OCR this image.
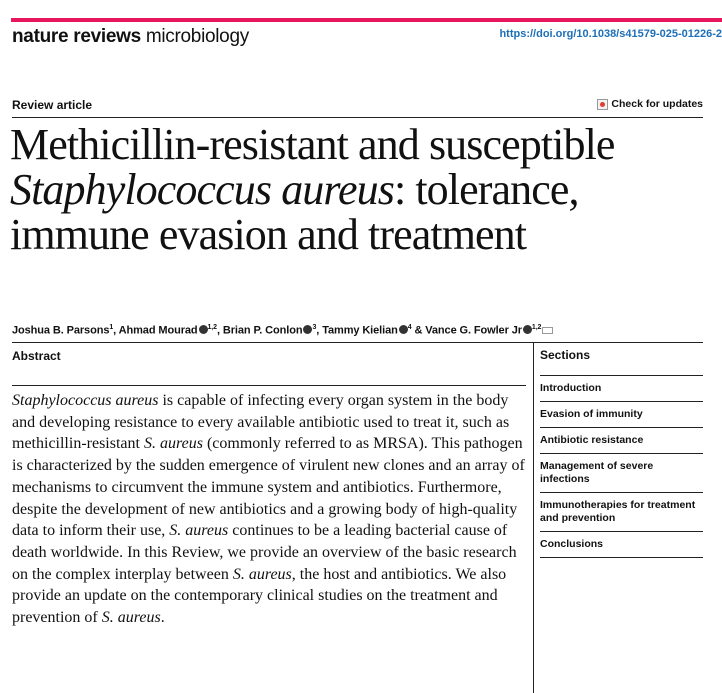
nature reviews microbiology	https://doi.org/10.1038/s41579-025-01226-2
Review article	Check for updates
Methicillin-resistant and susceptible
Staphylococcus aureus: tolerance,
immune evasion and treatment
Joshua B. Parsons$^1$, Ahmad Mourad $^{1,2}$, Brian P. Conlon $^3$, Tammy Kielian $^4$ & Vance G. Fowler Jr $^{1,2}$
Abstract
Staphylococcus aureus is capable of infecting every organ system in the body and developing resistance to every available antibiotic used to treat it, such as methicillin-resistant S. aureus (commonly referred to as MRSA). This pathogen is characterized by the sudden emergence of virulent new clones and an array of mechanisms to circumvent the immune system and antibiotics. Furthermore, despite the development of new antibiotics and a growing body of high-quality data to inform their use, S. aureus continues to be a leading bacterial cause of death worldwide. In this Review, we provide an overview of the basic research on the complex interplay between S. aureus, the host and antibiotics. We also provide an update on the contemporary clinical studies on the treatment and prevention of S. aureus.
Sections
Introduction
Evasion of immunity
Antibiotic resistance
Management of severe infections
Immunotherapies for treatment and prevention
Conclusions
